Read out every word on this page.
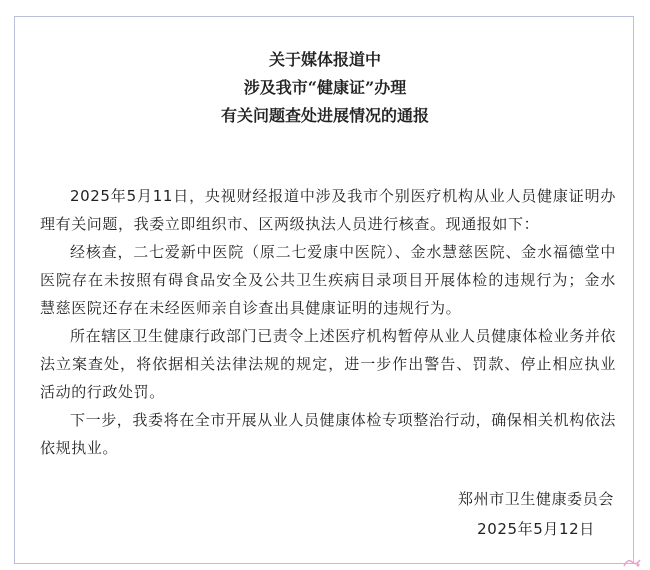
关于媒体报道中
涉及我市“健康证”办理
有关问题查处进展情况的通报

2025年5月11日，央视财经报道中涉及我市个别医疗机构从业人员健康证明办理有关问题，我委立即组织市、区两级执法人员进行核查。现通报如下：

经核查，二七爱新中医院（原二七爱康中医院）、金水慧慈医院、金水福德堂中医院存在未按照有碍食品安全及公共卫生疾病目录项目开展体检的违规行为；金水慧慈医院还存在未经医师亲自诊查出具健康证明的违规行为。

所在辖区卫生健康行政部门已责令上述医疗机构暂停从业人员健康体检业务并依法立案查处，将依据相关法律法规的规定，进一步作出警告、罚款、停止相应执业活动的行政处罚。

下一步，我委将在全市开展从业人员健康体检专项整治行动，确保相关机构依法依规执业。

郑州市卫生健康委员会
2025年5月12日
